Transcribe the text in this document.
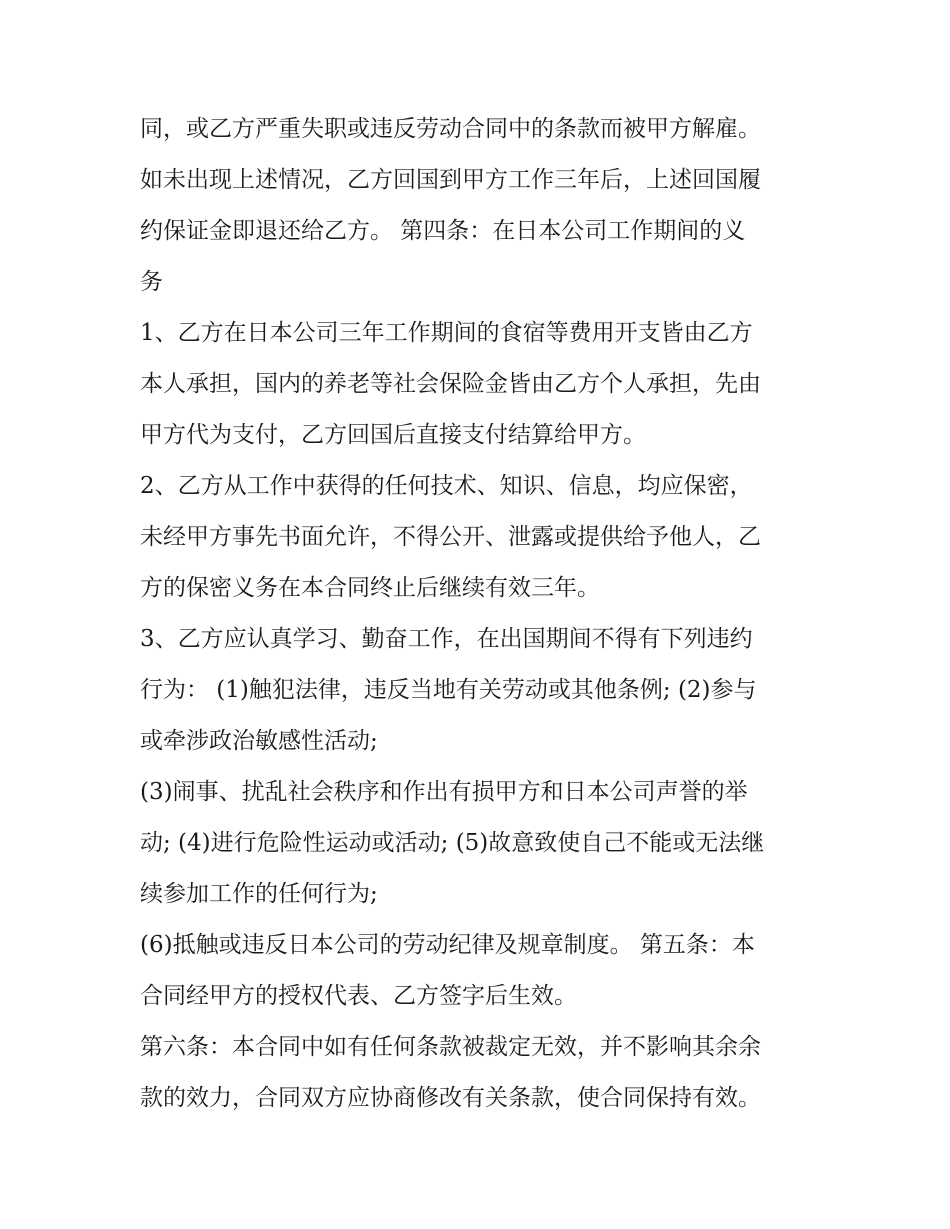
同，或乙方严重失职或违反劳动合同中的条款而被甲方解雇。
如未出现上述情况，乙方回国到甲方工作三年后，上述回国履
约保证金即退还给乙方。 第四条：在日本公司工作期间的义
务
1、乙方在日本公司三年工作期间的食宿等费用开支皆由乙方
本人承担，国内的养老等社会保险金皆由乙方个人承担，先由
甲方代为支付，乙方回国后直接支付结算给甲方。
2、乙方从工作中获得的任何技术、知识、信息，均应保密，
未经甲方事先书面允许，不得公开、泄露或提供给予他人，乙
方的保密义务在本合同终止后继续有效三年。
3、乙方应认真学习、勤奋工作，在出国期间不得有下列违约
行为： (1)触犯法律，违反当地有关劳动或其他条例; (2)参与
或牵涉政治敏感性活动;
(3)闹事、扰乱社会秩序和作出有损甲方和日本公司声誉的举
动; (4)进行危险性运动或活动; (5)故意致使自己不能或无法继
续参加工作的任何行为;
(6)抵触或违反日本公司的劳动纪律及规章制度。 第五条：本
合同经甲方的授权代表、乙方签字后生效。
第六条：本合同中如有任何条款被裁定无效，并不影响其余余
款的效力，合同双方应协商修改有关条款，使合同保持有效。
